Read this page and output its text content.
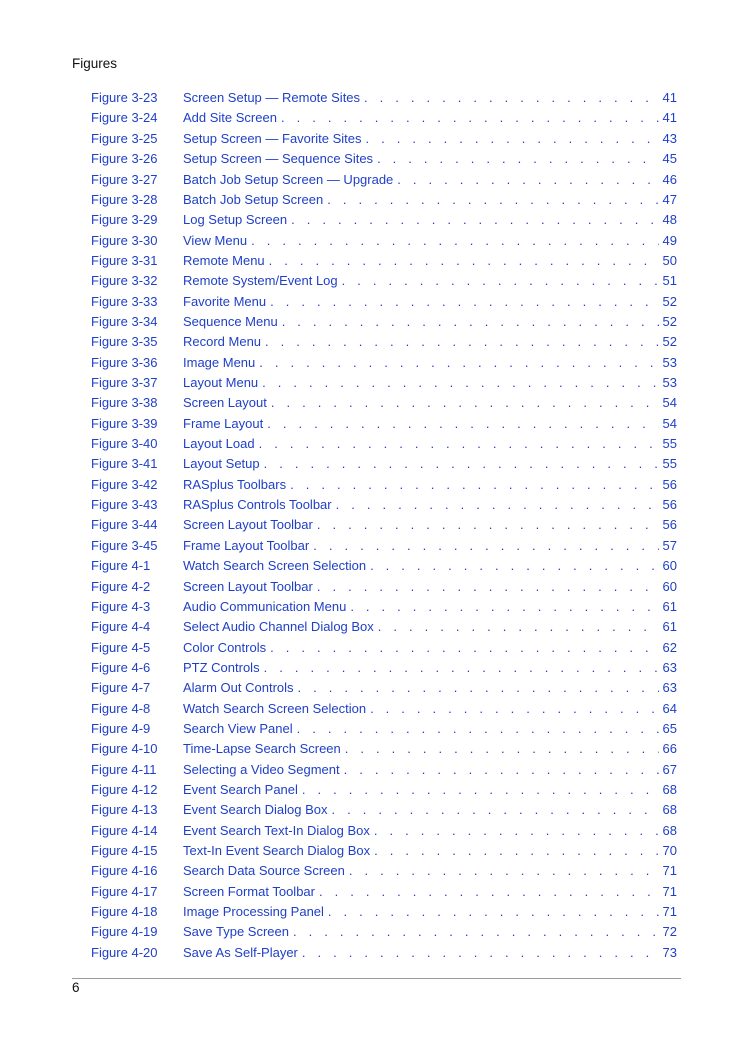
Figures
Figure 3-23 Screen Setup — Remote Sites . . .	41
Figure 3-24 Add Site Screen . . .	41
Figure 3-25 Setup Screen — Favorite Sites . . .	43
Figure 3-26 Setup Screen — Sequence Sites . . .	45
Figure 3-27 Batch Job Setup Screen — Upgrade . . .	46
Figure 3-28 Batch Job Setup Screen . . .	47
Figure 3-29 Log Setup Screen . . .	48
Figure 3-30 View Menu . . .	49
Figure 3-31 Remote Menu . . .	50
Figure 3-32 Remote System/Event Log . . .	51
Figure 3-33 Favorite Menu . . .	52
Figure 3-34 Sequence Menu . . .	52
Figure 3-35 Record Menu . . .	52
Figure 3-36 Image Menu . . .	53
Figure 3-37 Layout Menu . . .	53
Figure 3-38 Screen Layout . . .	54
Figure 3-39 Frame Layout . . .	54
Figure 3-40 Layout Load . . .	55
Figure 3-41 Layout Setup . . .	55
Figure 3-42 RASplus Toolbars . . .	56
Figure 3-43 RASplus Controls Toolbar . . .	56
Figure 3-44 Screen Layout Toolbar . . .	56
Figure 3-45 Frame Layout Toolbar . . .	57
Figure 4-1	Watch Search Screen Selection . . .	60
Figure 4-2	Screen Layout Toolbar . . .	60
Figure 4-3	Audio Communication Menu . . .	61
Figure 4-4	Select Audio Channel Dialog Box . . .	61
Figure 4-5	Color Controls . . .	62
Figure 4-6	PTZ Controls . . .	63
Figure 4-7	Alarm Out Controls . . .	63
Figure 4-8	Watch Search Screen Selection . . .	64
Figure 4-9	Search View Panel . . .	65
Figure 4-10 Time-Lapse Search Screen . . .	66
Figure 4-11 Selecting a Video Segment . . .	67
Figure 4-12 Event Search Panel . . .	68
Figure 4-13 Event Search Dialog Box . . .	68
Figure 4-14 Event Search Text-In Dialog Box . . .	68
Figure 4-15 Text-In Event Search Dialog Box . . .	70
Figure 4-16 Search Data Source Screen . . .	71
Figure 4-17 Screen Format Toolbar . . .	71
Figure 4-18 Image Processing Panel . . .	71
Figure 4-19 Save Type Screen . . .	72
Figure 4-20 Save As Self-Player . . .	73
6
